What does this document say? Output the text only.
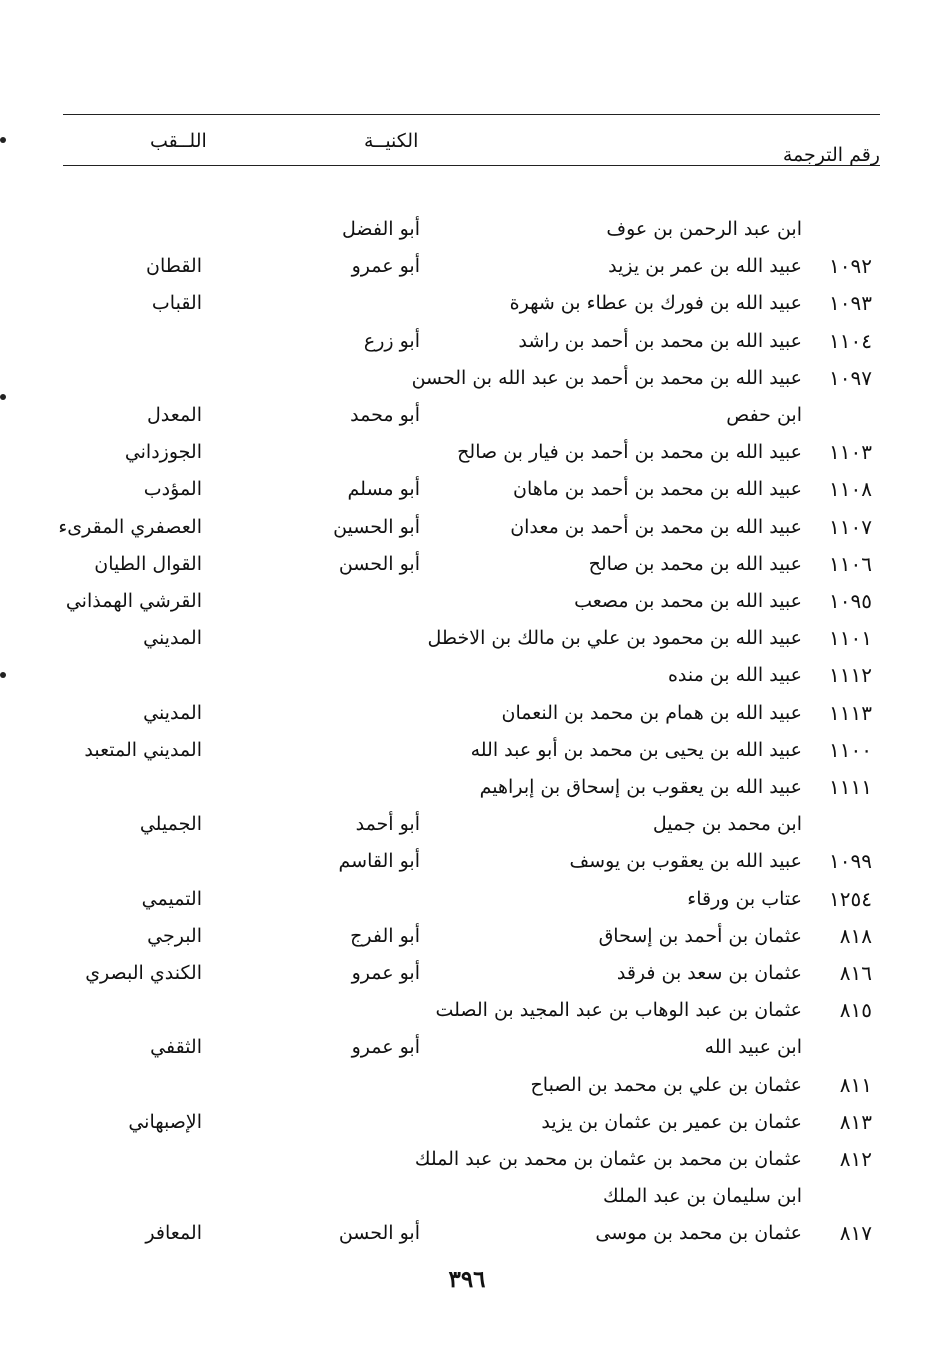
رقم الترجمة
الكنيــة
اللــقب
ابن عبد الرحمن بن عوف
أبو الفضل
١٠٩٢
عبيد الله بن عمر بن يزيد
أبو عمرو
القطان
١٠٩٣
عبيد الله بن فورك بن عطاء بن شهرة
القباب
١١٠٤
عبيد الله بن محمد بن أحمد بن راشد
أبو زرع
١٠٩٧
عبيد الله بن محمد بن أحمد بن عبد الله بن الحسن
ابن حفص
أبو محمد
المعدل
١١٠٣
عبيد الله بن محمد بن أحمد بن فيار بن صالح
الجوزداني
١١٠٨
عبيد الله بن محمد بن أحمد بن ماهان
أبو مسلم
المؤدب
١١٠٧
عبيد الله بن محمد بن أحمد بن معدان
أبو الحسين
العصفري المقرىء
١١٠٦
عبيد الله بن محمد بن صالح
أبو الحسن
القوال الطيان
١٠٩٥
عبيد الله بن محمد بن مصعب
القرشي الهمذاني
١١٠١
عبيد الله بن محمود بن علي بن مالك بن الاخطل
المديني
١١١٢
عبيد الله بن منده
١١١٣
عبيد الله بن همام بن محمد بن النعمان
المديني
١١٠٠
عبيد الله بن يحيى بن محمد بن أبو عبد الله
المديني المتعبد
١١١١
عبيد الله بن يعقوب بن إسحاق بن إبراهيم
ابن محمد بن جميل
أبو أحمد
الجميلي
١٠٩٩
عبيد الله بن يعقوب بن يوسف
أبو القاسم
١٢٥٤
عتاب بن ورقاء
التميمي
٨١٨
عثمان بن أحمد بن إسحاق
أبو الفرج
البرجي
٨١٦
عثمان بن سعد بن فرقد
أبو عمرو
الكندي البصري
٨١٥
عثمان بن عبد الوهاب بن عبد المجيد بن الصلت
ابن عبيد الله
أبو عمرو
الثقفي
٨١١
عثمان بن علي بن محمد بن الصباح
٨١٣
عثمان بن عمير بن عثمان بن يزيد
الإصبهاني
٨١٢
عثمان بن محمد بن عثمان بن محمد بن عبد الملك
ابن سليمان بن عبد الملك
٨١٧
عثمان بن محمد بن موسى
أبو الحسن
المعافر
٣٩٦
